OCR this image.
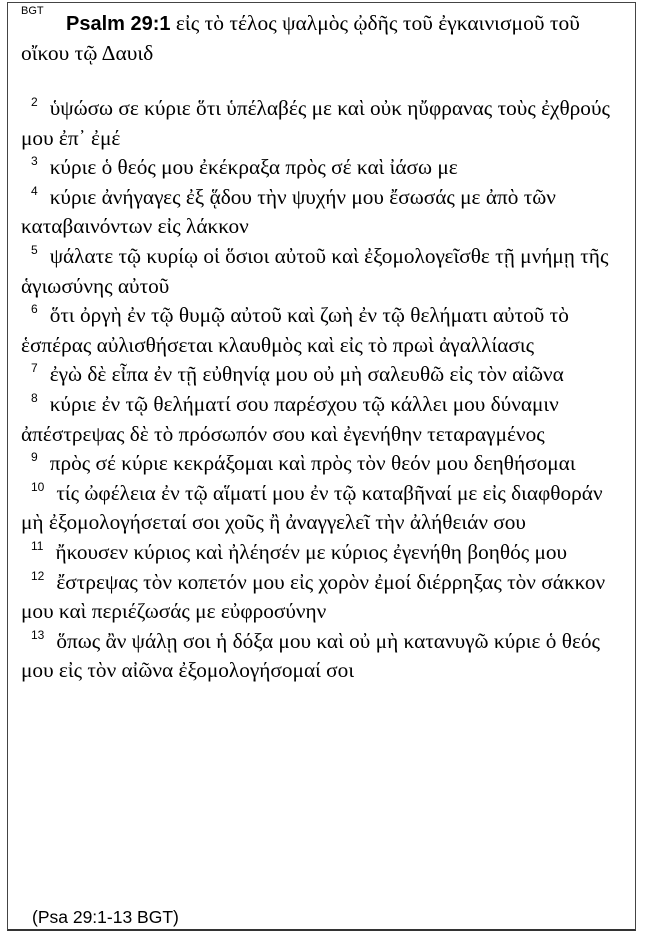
BGT
Psalm 29:1 εἰς τὸ τέλος ψαλμὸς ᾠδῆς τοῦ ἐγκαινισμοῦ τοῦ οἴκου τῷ Δαυιδ

$^2$ ὑψώσω σε κύριε ὅτι ὑπέλαβές με καὶ οὐκ ηὔφρανας τοὺς ἐχθρούς μου ἐπ᾽ ἐμέ

$^3$ κύριε ὁ θεός μου ἐκέκραξα πρὸς σέ καὶ ἰάσω με

$^4$ κύριε ἀνήγαγες ἐξ ᾅδου τὴν ψυχήν μου ἔσωσάς με ἀπὸ τῶν καταβαινόντων εἰς λάκκον

$^5$ ψάλατε τῷ κυρίῳ οἱ ὅσιοι αὐτοῦ καὶ ἐξομολογεῖσθε τῇ μνήμῃ τῆς ἁγιωσύνης αὐτοῦ

$^6$ ὅτι ὀργὴ ἐν τῷ θυμῷ αὐτοῦ καὶ ζωὴ ἐν τῷ θελήματι αὐτοῦ τὸ ἑσπέρας αὐλισθήσεται κλαυθμὸς καὶ εἰς τὸ πρωὶ ἀγαλλίασις

$^7$ ἐγὼ δὲ εἶπα ἐν τῇ εὐθηνίᾳ μου οὐ μὴ σαλευθῶ εἰς τὸν αἰῶνα

$^8$ κύριε ἐν τῷ θελήματί σου παρέσχου τῷ κάλλει μου δύναμιν ἀπέστρεψας δὲ τὸ πρόσωπόν σου καὶ ἐγενήθην τεταραγμένος

$^9$ πρὸς σέ κύριε κεκράξομαι καὶ πρὸς τὸν θεόν μου δεηθήσομαι

$^{10}$ τίς ὠφέλεια ἐν τῷ αἵματί μου ἐν τῷ καταβῆναί με εἰς διαφθοράν μὴ ἐξομολογήσεταί σοι χοῦς ἢ ἀναγγελεῖ τὴν ἀλήθειάν σου

$^{11}$ ἤκουσεν κύριος καὶ ἠλέησέν με κύριος ἐγενήθη βοηθός μου

$^{12}$ ἔστρεψας τὸν κοπετόν μου εἰς χορὸν ἐμοί διέρρηξας τὸν σάκκον μου καὶ περιέζωσάς με εὐφροσύνην

$^{13}$ ὅπως ἂν ψάλῃ σοι ἡ δόξα μου καὶ οὐ μὴ κατανυγῶ κύριε ὁ θεός μου εἰς τὸν αἰῶνα ἐξομολογήσομαί σοι

(Psa 29:1-13 BGT)
